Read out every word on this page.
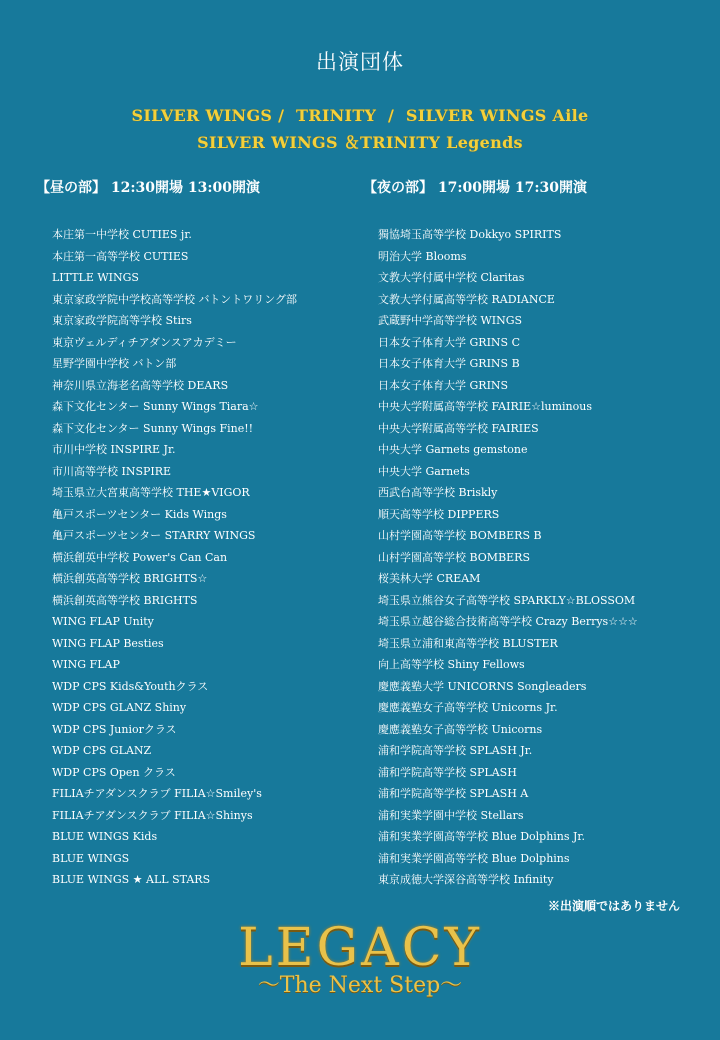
出演団体
SILVER WINGS /  TRINITY  /  SILVER WINGS Aile
SILVER WINGS ＆TRINITY Legends
【昼の部】 12:30開場 13:00開演	【夜の部】 17:00開場 17:30開演
本庄第一中学校 CUTIES jr.
本庄第一高等学校 CUTIES
LITTLE WINGS
東京家政学院中学校高等学校 バトントワリング部
東京家政学院高等学校 Stirs
東京ヴェルディチアダンスアカデミー
星野学園中学校 バトン部
神奈川県立海老名高等学校 DEARS
森下文化センター Sunny Wings Tiara☆
森下文化センター Sunny Wings Fine!!
市川中学校 INSPIRE Jr.
市川高等学校 INSPIRE
埼玉県立大宮東高等学校 THE★VIGOR
亀戸スポーツセンター Kids Wings
亀戸スポーツセンター STARRY WINGS
横浜創英中学校 Power's Can Can
横浜創英高等学校 BRIGHTS☆
横浜創英高等学校 BRIGHTS
WING FLAP Unity
WING FLAP Besties
WING FLAP
WDP CPS Kids&Youthクラス
WDP CPS GLANZ Shiny
WDP CPS Juniorクラス
WDP CPS GLANZ
WDP CPS Open クラス
FILIAチアダンスクラブ FILIA☆Smiley's
FILIAチアダンスクラブ FILIA☆Shinys
BLUE WINGS Kids
BLUE WINGS
BLUE WINGS ★ ALL STARS
獨協埼玉高等学校 Dokkyo SPIRITS
明治大学 Blooms
文教大学付属中学校 Claritas
文教大学付属高等学校 RADIANCE
武蔵野中学高等学校 WINGS
日本女子体育大学 GRINS C
日本女子体育大学 GRINS B
日本女子体育大学 GRINS
中央大学附属高等学校 FAIRIE☆luminous
中央大学附属高等学校 FAIRIES
中央大学 Garnets gemstone
中央大学 Garnets
西武台高等学校 Briskly
順天高等学校 DIPPERS
山村学園高等学校 BOMBERS B
山村学園高等学校 BOMBERS
桜美林大学 CREAM
埼玉県立熊谷女子高等学校 SPARKLY☆BLOSSOM
埼玉県立越谷総合技術高等学校 Crazy Berrys☆☆☆
埼玉県立浦和東高等学校 BLUSTER
向上高等学校 Shiny Fellows
慶應義塾大学 UNICORNS Songleaders
慶應義塾女子高等学校 Unicorns Jr.
慶應義塾女子高等学校 Unicorns
浦和学院高等学校 SPLASH Jr.
浦和学院高等学校 SPLASH
浦和学院高等学校 SPLASH A
浦和実業学園中学校 Stellars
浦和実業学園高等学校 Blue Dolphins Jr.
浦和実業学園高等学校 Blue Dolphins
東京成徳大学深谷高等学校 Infinity
※出演順ではありません
LEGACY
〜The Next Step〜
